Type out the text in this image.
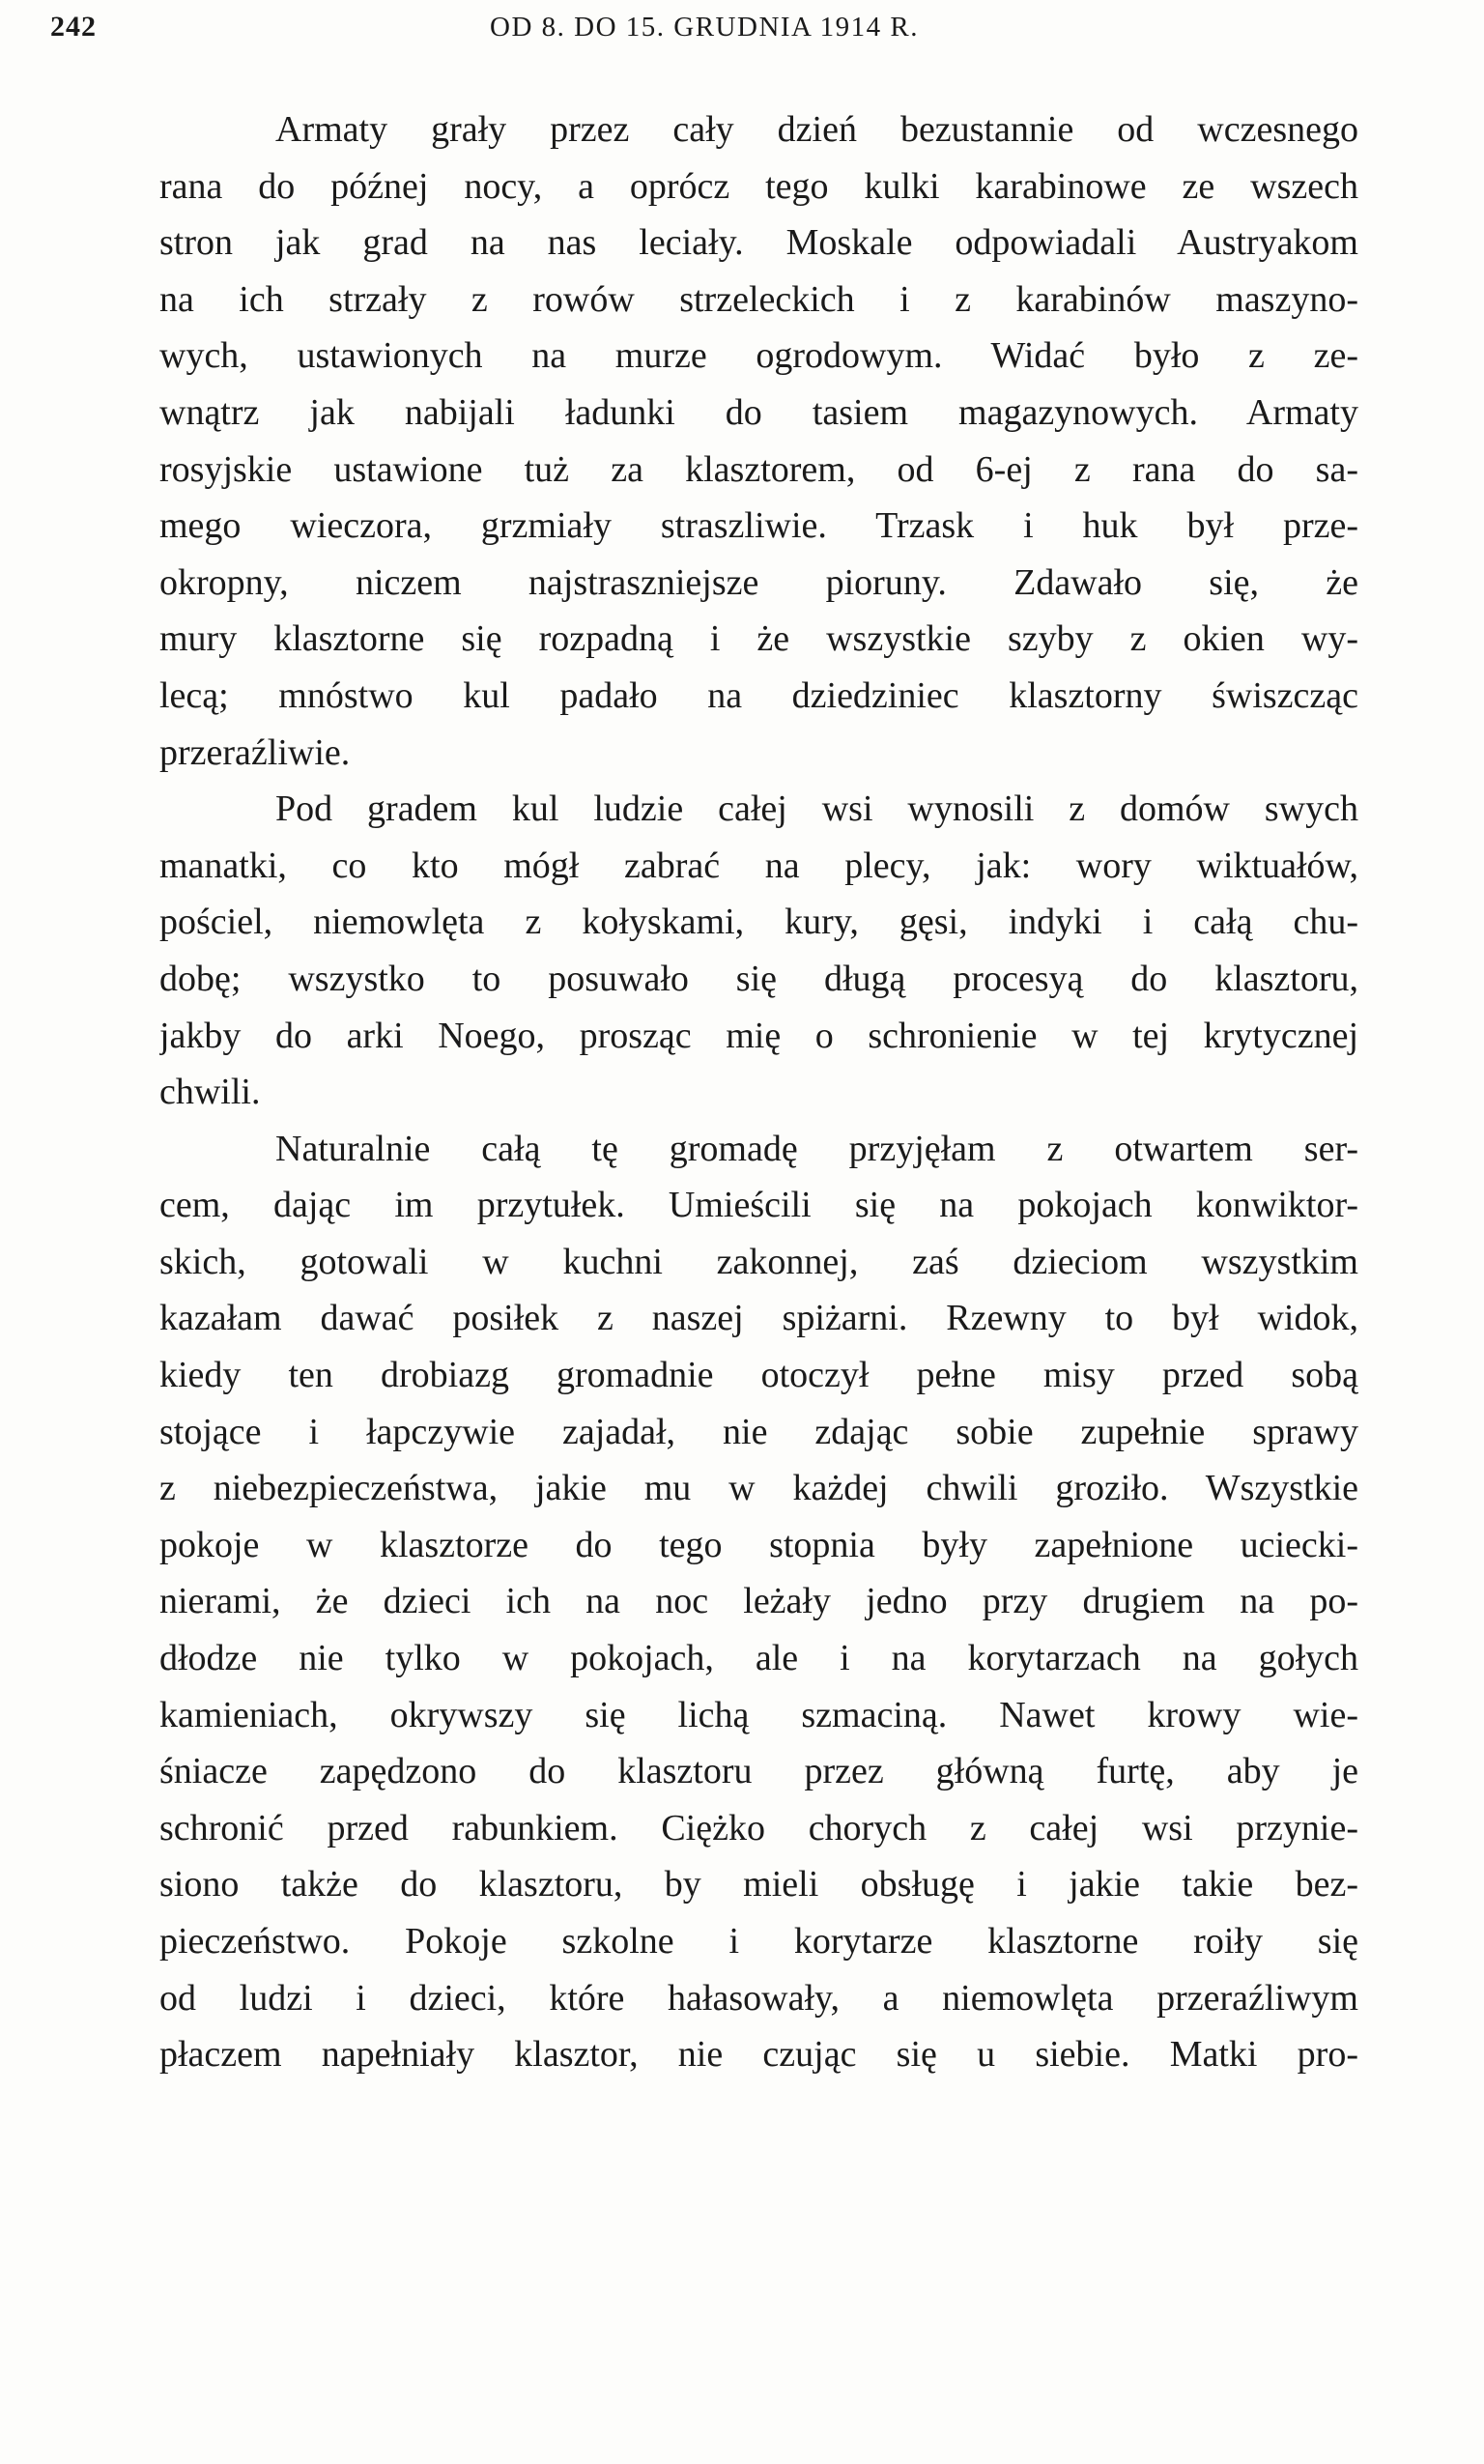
242	OD 8. DO 15. GRUDNIA 1914 R.
Armaty grały przez cały dzień bezustannie od wczesnego
rana do późnej nocy, a oprócz tego kulki karabinowe ze wszech
stron jak grad na nas leciały. Moskale odpowiadali Austryakom
na ich strzały z rowów strzeleckich i z karabinów maszyno-
wych, ustawionych na murze ogrodowym. Widać było z ze-
wnątrz jak nabijali ładunki do tasiem magazynowych. Armaty
rosyjskie ustawione tuż za klasztorem, od 6-ej z rana do sa-
mego wieczora, grzmiały straszliwie. Trzask i huk był prze-
okropny, niczem najstraszniejsze pioruny. Zdawało się, że
mury klasztorne się rozpadną i że wszystkie szyby z okien wy-
lecą; mnóstwo kul padało na dziedziniec klasztorny świszcząc
przeraźliwie.
Pod gradem kul ludzie całej wsi wynosili z domów swych
manatki, co kto mógł zabrać na plecy, jak: wory wiktuałów,
pościel, niemowlęta z kołyskami, kury, gęsi, indyki i całą chu-
dobę; wszystko to posuwało się długą procesyą do klasztoru,
jakby do arki Noego, prosząc mię o schronienie w tej krytycznej
chwili.
Naturalnie całą tę gromadę przyjęłam z otwartem ser-
cem, dając im przytułek. Umieścili się na pokojach konwiktor-
skich, gotowali w kuchni zakonnej, zaś dzieciom wszystkim
kazałam dawać posiłek z naszej spiżarni. Rzewny to był widok,
kiedy ten drobiazg gromadnie otoczył pełne misy przed sobą
stojące i łapczywie zajadał, nie zdając sobie zupełnie sprawy
z niebezpieczeństwa, jakie mu w każdej chwili groziło. Wszystkie
pokoje w klasztorze do tego stopnia były zapełnione uciecki-
nierami, że dzieci ich na noc leżały jedno przy drugiem na po-
dłodze nie tylko w pokojach, ale i na korytarzach na gołych
kamieniach, okrywszy się lichą szmaciną. Nawet krowy wie-
śniacze zapędzono do klasztoru przez główną furtę, aby je
schronić przed rabunkiem. Ciężko chorych z całej wsi przynie-
siono także do klasztoru, by mieli obsługę i jakie takie bez-
pieczeństwo. Pokoje szkolne i korytarze klasztorne roiły się
od ludzi i dzieci, które hałasowały, a niemowlęta przeraźliwym
płaczem napełniały klasztor, nie czując się u siebie. Matki pro-
